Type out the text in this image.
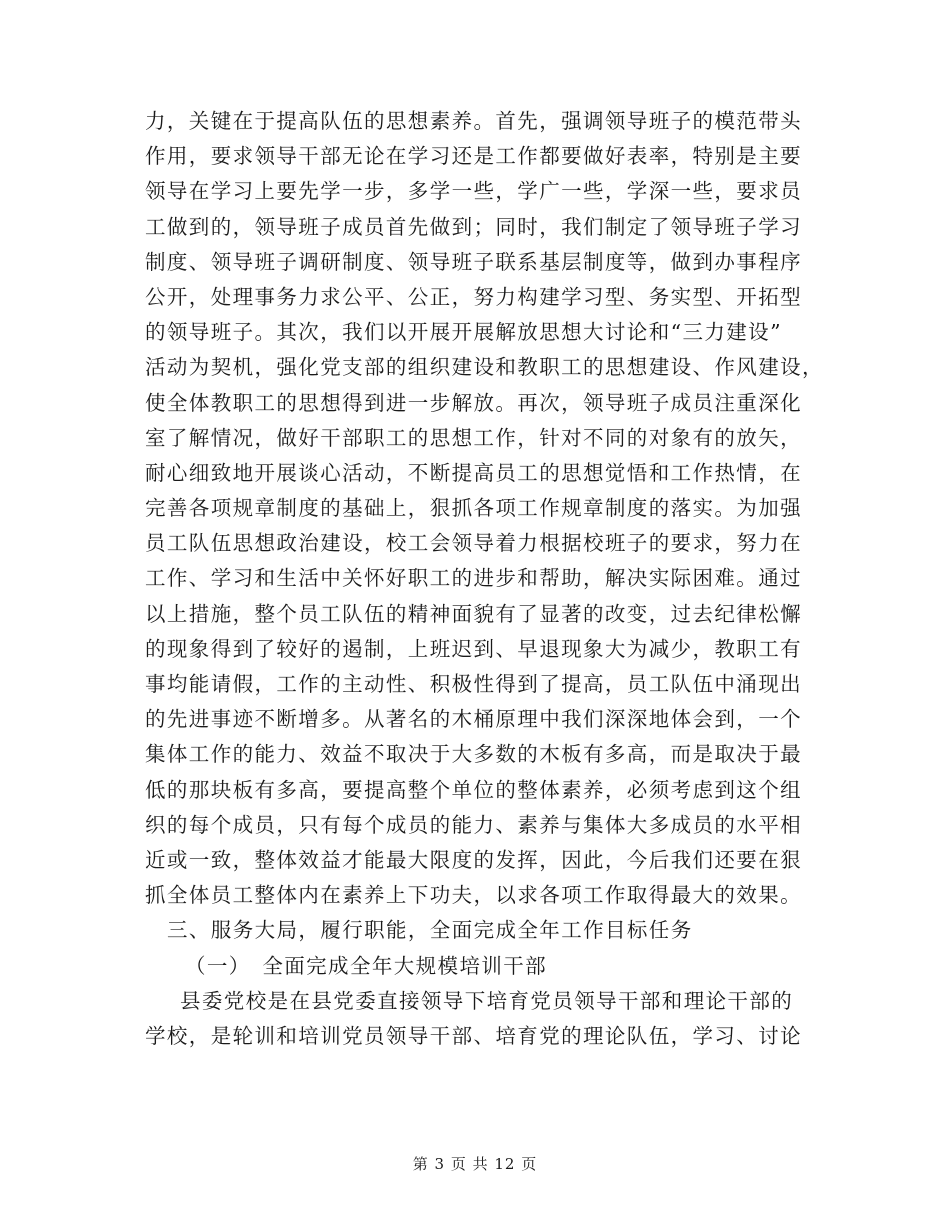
力，关键在于提高队伍的思想素养。首先，强调领导班子的模范带头
作用，要求领导干部无论在学习还是工作都要做好表率，特别是主要
领导在学习上要先学一步，多学一些，学广一些，学深一些，要求员
工做到的，领导班子成员首先做到；同时，我们制定了领导班子学习
制度、领导班子调研制度、领导班子联系基层制度等，做到办事程序
公开，处理事务力求公平、公正，努力构建学习型、务实型、开拓型
的领导班子。其次，我们以开展开展解放思想大讨论和“三力建设”
活动为契机，强化党支部的组织建设和教职工的思想建设、作风建设，
使全体教职工的思想得到进一步解放。再次，领导班子成员注重深化
室了解情况，做好干部职工的思想工作，针对不同的对象有的放矢，
耐心细致地开展谈心活动，不断提高员工的思想觉悟和工作热情，在
完善各项规章制度的基础上，狠抓各项工作规章制度的落实。为加强
员工队伍思想政治建设，校工会领导着力根据校班子的要求，努力在
工作、学习和生活中关怀好职工的进步和帮助，解决实际困难。通过
以上措施，整个员工队伍的精神面貌有了显著的改变，过去纪律松懈
的现象得到了较好的遏制，上班迟到、早退现象大为减少，教职工有
事均能请假，工作的主动性、积极性得到了提高，员工队伍中涌现出
的先进事迹不断增多。从著名的木桶原理中我们深深地体会到，一个
集体工作的能力、效益不取决于大多数的木板有多高，而是取决于最
低的那块板有多高，要提高整个单位的整体素养，必须考虑到这个组
织的每个成员，只有每个成员的能力、素养与集体大多成员的水平相
近或一致，整体效益才能最大限度的发挥，因此，今后我们还要在狠
抓全体员工整体内在素养上下功夫，以求各项工作取得最大的效果。
三、服务大局，履行职能，全面完成全年工作目标任务
（一）　全面完成全年大规模培训干部
县委党校是在县党委直接领导下培育党员领导干部和理论干部的
学校，是轮训和培训党员领导干部、培育党的理论队伍，学习、讨论
第 3 页 共 12 页
